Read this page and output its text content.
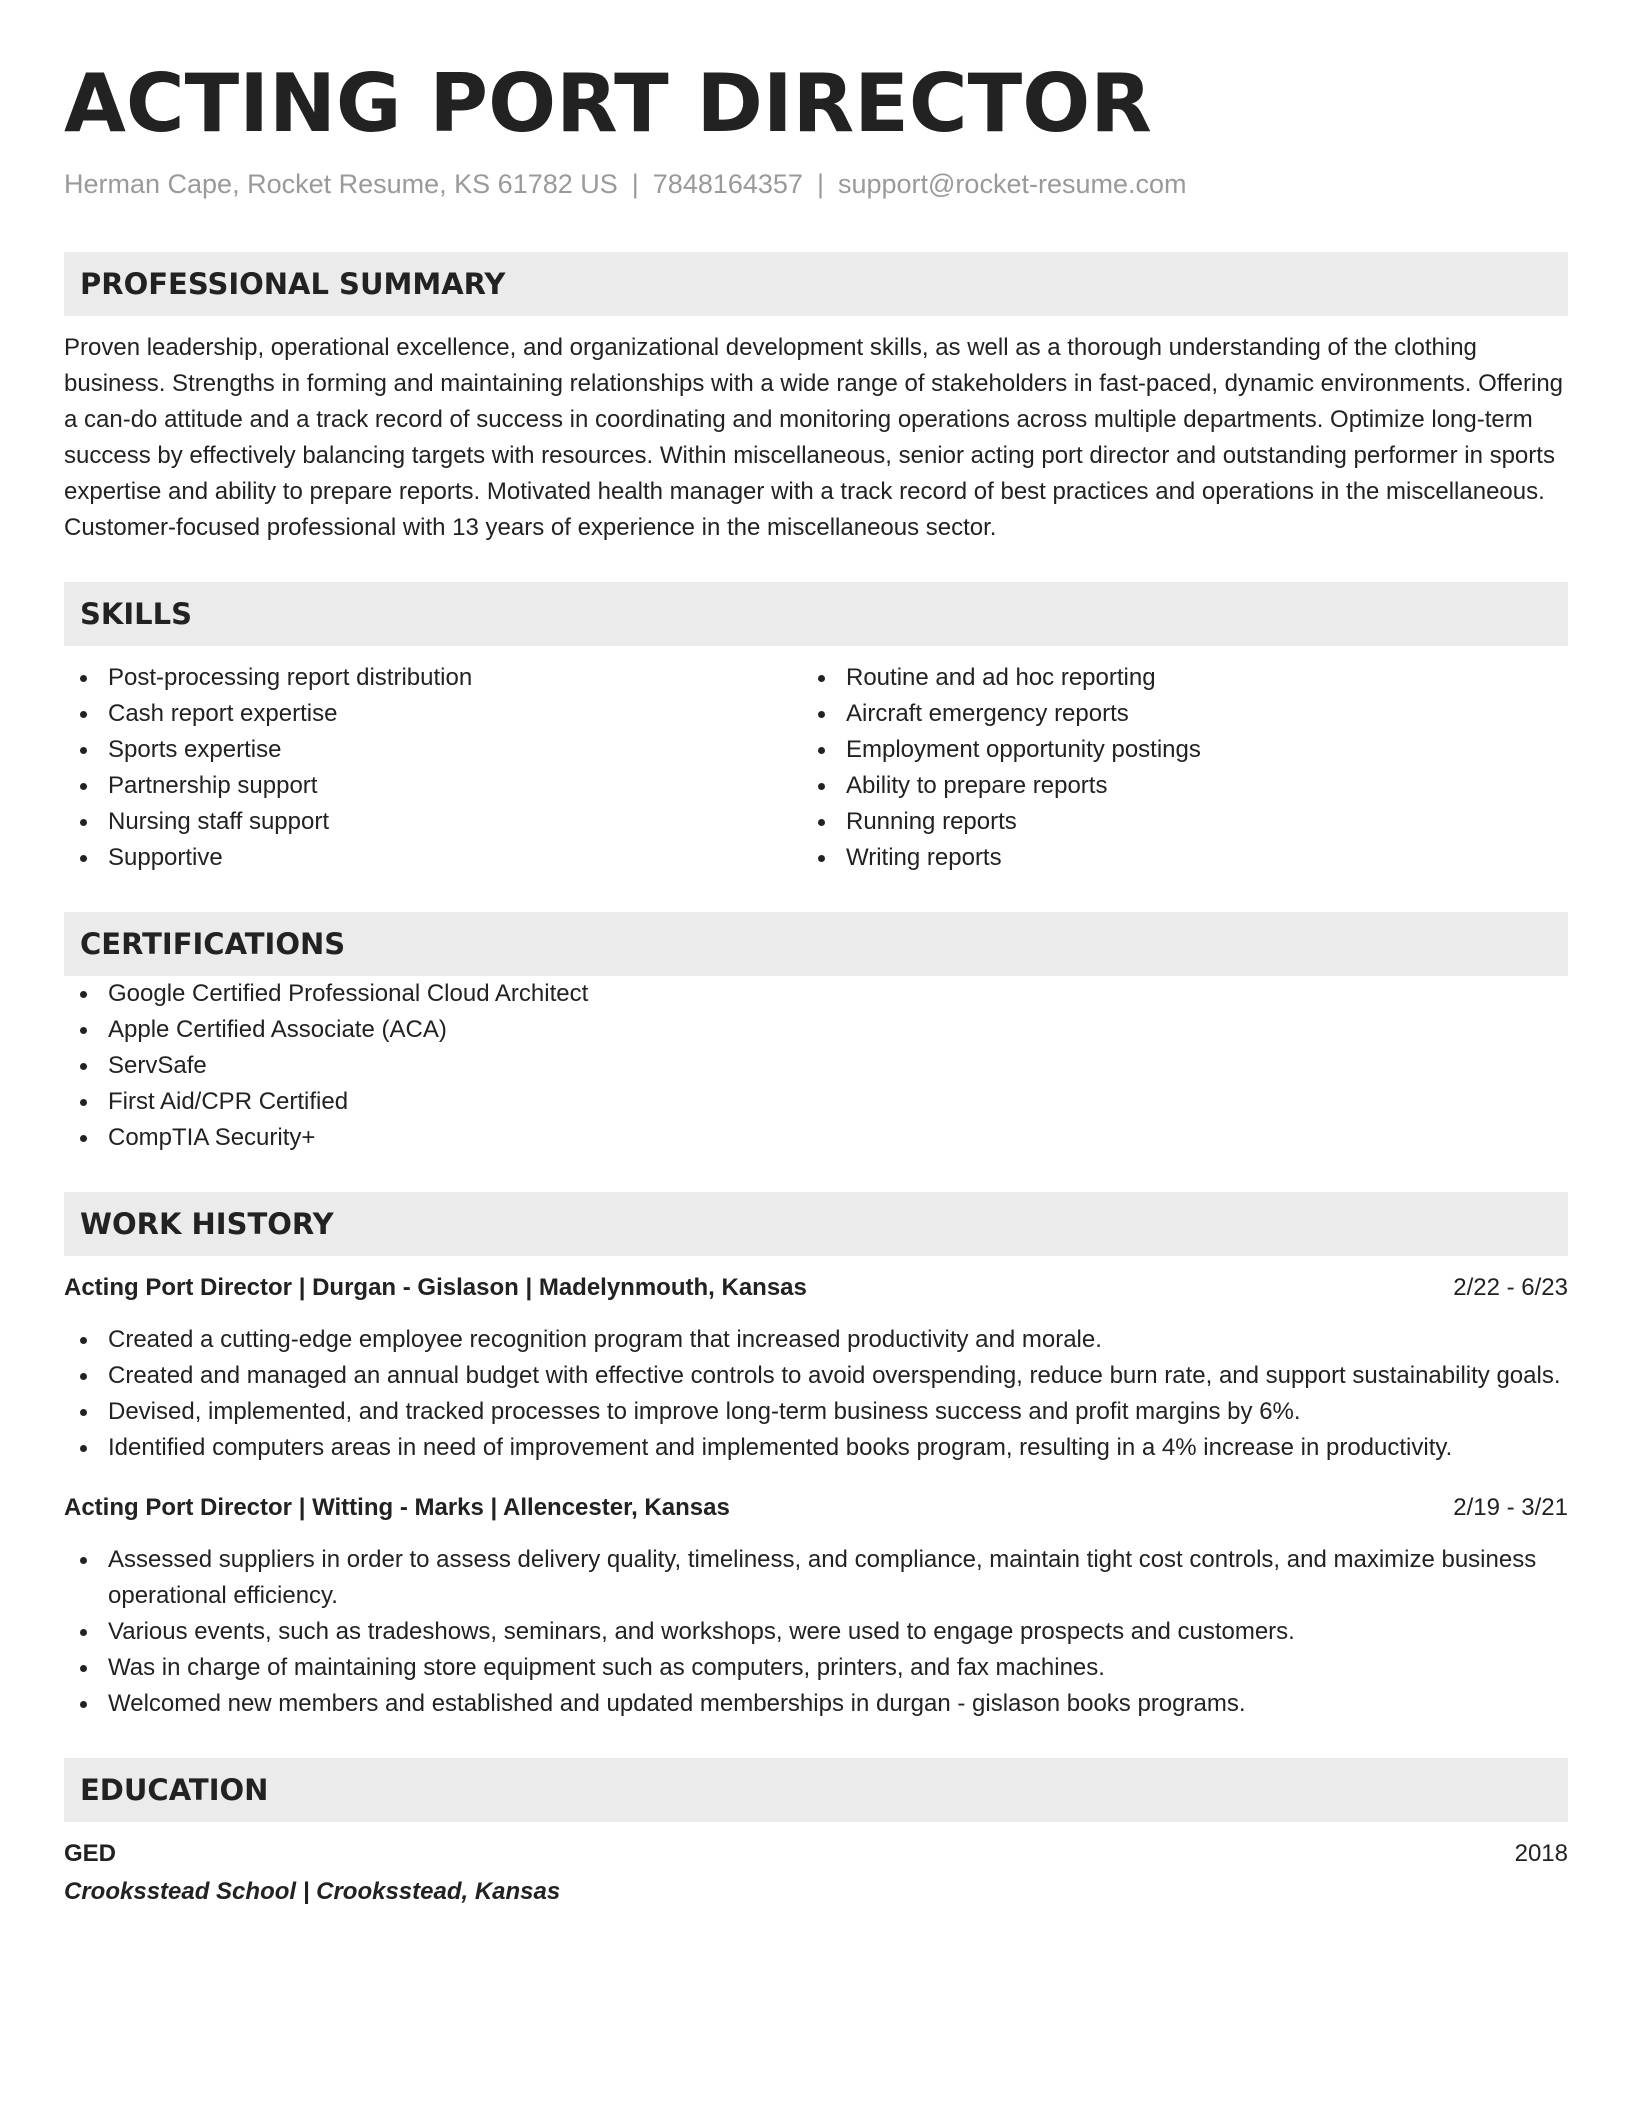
ACTING PORT DIRECTOR
Herman Cape, Rocket Resume, KS 61782 US | 7848164357 | support@rocket-resume.com
PROFESSIONAL SUMMARY
Proven leadership, operational excellence, and organizational development skills, as well as a thorough understanding of the clothing business. Strengths in forming and maintaining relationships with a wide range of stakeholders in fast-paced, dynamic environments. Offering a can-do attitude and a track record of success in coordinating and monitoring operations across multiple departments. Optimize long-term success by effectively balancing targets with resources. Within miscellaneous, senior acting port director and outstanding performer in sports expertise and ability to prepare reports. Motivated health manager with a track record of best practices and operations in the miscellaneous. Customer-focused professional with 13 years of experience in the miscellaneous sector.
SKILLS
Post-processing report distribution
Cash report expertise
Sports expertise
Partnership support
Nursing staff support
Supportive
Routine and ad hoc reporting
Aircraft emergency reports
Employment opportunity postings
Ability to prepare reports
Running reports
Writing reports
CERTIFICATIONS
Google Certified Professional Cloud Architect
Apple Certified Associate (ACA)
ServSafe
First Aid/CPR Certified
CompTIA Security+
WORK HISTORY
Acting Port Director | Durgan - Gislason | Madelynmouth, Kansas	2/22 - 6/23
Created a cutting-edge employee recognition program that increased productivity and morale.
Created and managed an annual budget with effective controls to avoid overspending, reduce burn rate, and support sustainability goals.
Devised, implemented, and tracked processes to improve long-term business success and profit margins by 6%.
Identified computers areas in need of improvement and implemented books program, resulting in a 4% increase in productivity.
Acting Port Director | Witting - Marks | Allencester, Kansas	2/19 - 3/21
Assessed suppliers in order to assess delivery quality, timeliness, and compliance, maintain tight cost controls, and maximize business operational efficiency.
Various events, such as tradeshows, seminars, and workshops, were used to engage prospects and customers.
Was in charge of maintaining store equipment such as computers, printers, and fax machines.
Welcomed new members and established and updated memberships in durgan - gislason books programs.
EDUCATION
GED	2018
Crooksstead School | Crooksstead, Kansas
